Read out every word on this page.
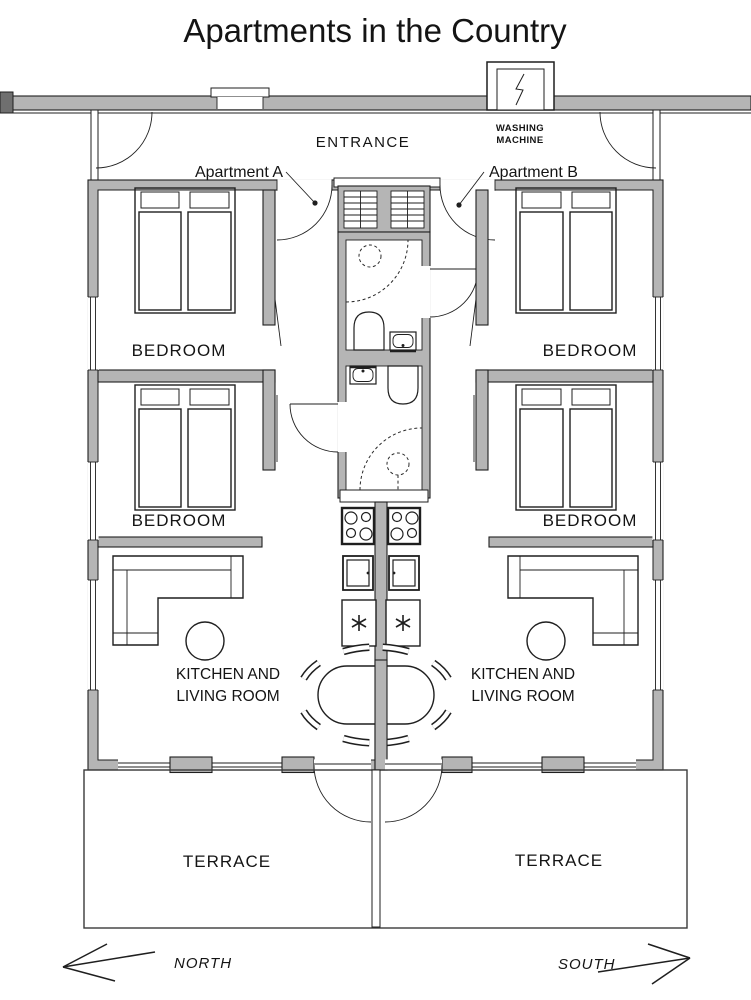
Apartments in the Country
WASHING
MACHINE
ENTRANCE
Apartment A	Apartment B
BEDROOM	BEDROOM
BEDROOM	BEDROOM
KITCHEN AND
LIVING ROOM
KITCHEN AND
LIVING ROOM
TERRACE	TERRACE
NORTH	SOUTH
